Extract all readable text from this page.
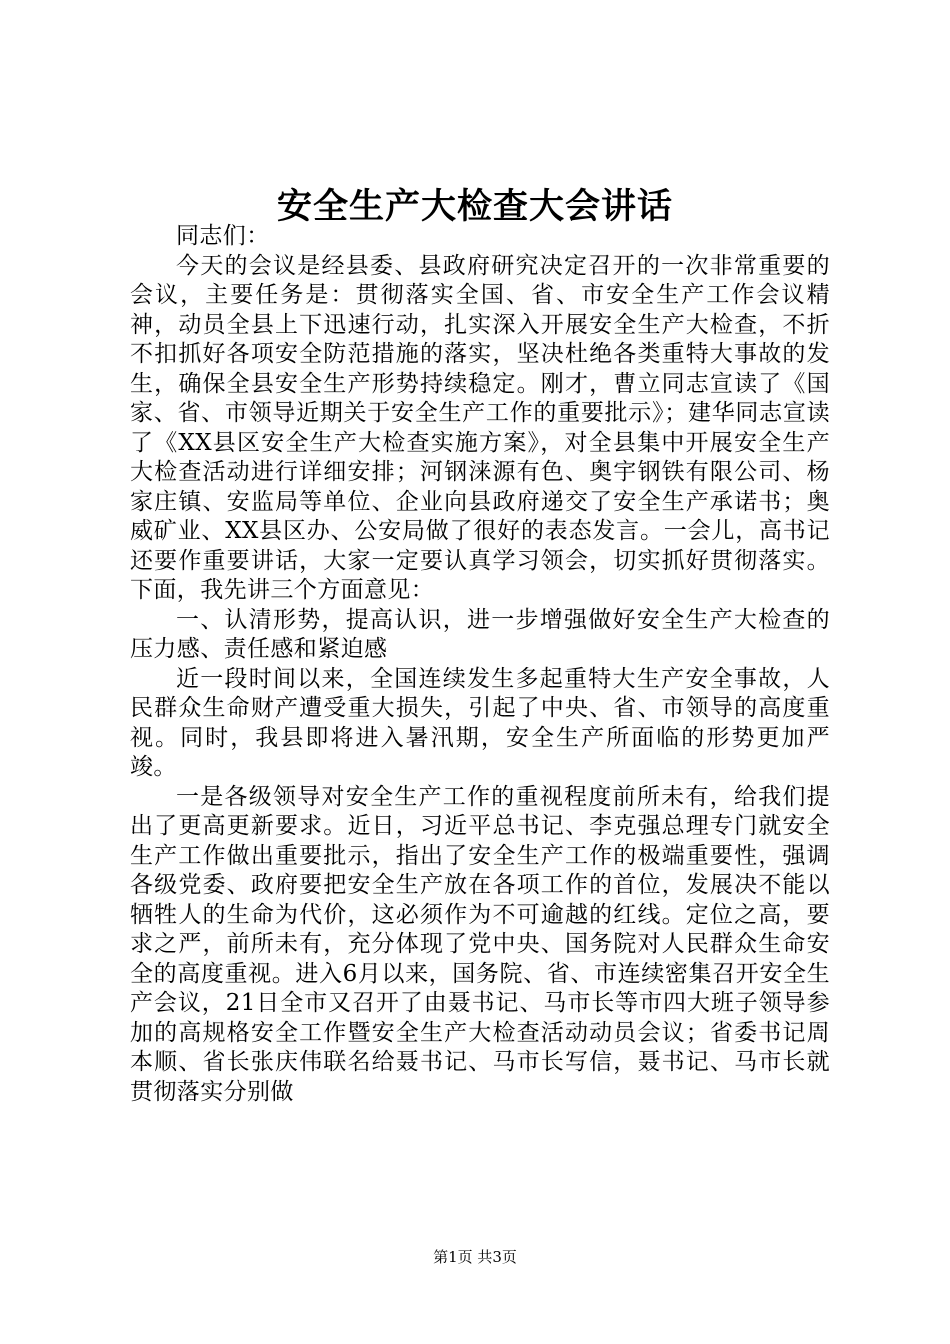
安全生产大检查大会讲话

同志们：

今天的会议是经县委、县政府研究决定召开的一次非常重要的会议，主要任务是：贯彻落实全国、省、市安全生产工作会议精神，动员全县上下迅速行动，扎实深入开展安全生产大检查，不折不扣抓好各项安全防范措施的落实，坚决杜绝各类重特大事故的发生，确保全县安全生产形势持续稳定。刚才，曹立同志宣读了《国家、省、市领导近期关于安全生产工作的重要批示》；建华同志宣读了《XX县区安全生产大检查实施方案》，对全县集中开展安全生产大检查活动进行详细安排；河钢涞源有色、奥宇钢铁有限公司、杨家庄镇、安监局等单位、企业向县政府递交了安全生产承诺书；奥威矿业、XX县区办、公安局做了很好的表态发言。一会儿，高书记还要作重要讲话，大家一定要认真学习领会，切实抓好贯彻落实。下面，我先讲三个方面意见：

一、认清形势，提高认识，进一步增强做好安全生产大检查的压力感、责任感和紧迫感

近一段时间以来，全国连续发生多起重特大生产安全事故，人民群众生命财产遭受重大损失，引起了中央、省、市领导的高度重视。同时，我县即将进入暑汛期，安全生产所面临的形势更加严竣。

一是各级领导对安全生产工作的重视程度前所未有，给我们提出了更高更新要求。近日，习近平总书记、李克强总理专门就安全生产工作做出重要批示，指出了安全生产工作的极端重要性，强调各级党委、政府要把安全生产放在各项工作的首位，发展决不能以牺牲人的生命为代价，这必须作为不可逾越的红线。定位之高，要求之严，前所未有，充分体现了党中央、国务院对人民群众生命安全的高度重视。进入6月以来，国务院、省、市连续密集召开安全生产会议，21日全市又召开了由聂书记、马市长等市四大班子领导参加的高规格安全工作暨安全生产大检查活动动员会议；省委书记周本顺、省长张庆伟联名给聂书记、马市长写信，聂书记、马市长就贯彻落实分别做

第1页 共3页
